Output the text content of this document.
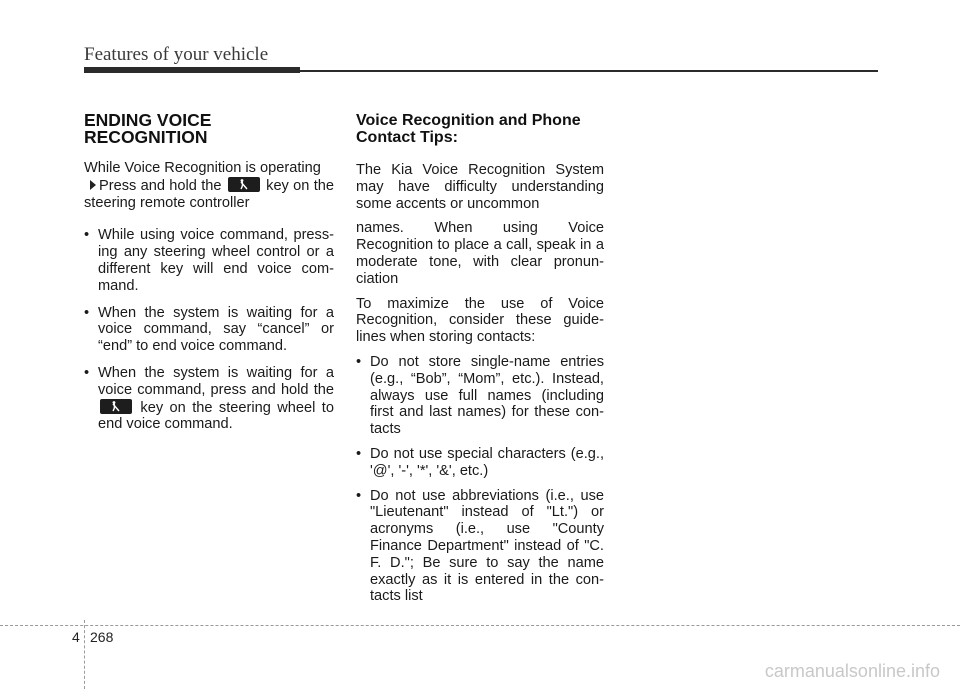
Features of your vehicle
ENDING VOICE RECOGNITION

While Voice Recognition is operating

Press and hold the	key on the steering remote controller

• While using voice command, press-ing any steering wheel control or a different key will end voice com-mand.
• When the system is waiting for a voice command, say “cancel” or “end” to end voice command.
• When the system is waiting for a voice command, press and hold the
key on the steering wheel to end voice command.
Voice Recognition and Phone Contact Tips:

The Kia Voice Recognition System may have difficulty understanding some accents or uncommon

names. When using Voice Recognition to place a call, speak in a moderate tone, with clear pronun-ciation

To maximize the use of Voice Recognition, consider these guide-lines when storing contacts:

• Do not store single-name entries (e.g., “Bob”, “Mom”, etc.). Instead, always use full names (including first and last names) for these con-tacts
• Do not use special characters (e.g., '@', '-', '*', '&', etc.)
• Do not use abbreviations (i.e., use "Lieutenant" instead of "Lt.") or acronyms (i.e., use "County Finance Department" instead of "C. F. D."; Be sure to say the name exactly as it is entered in the con-tacts list
4 268
carmanualsonline.info
